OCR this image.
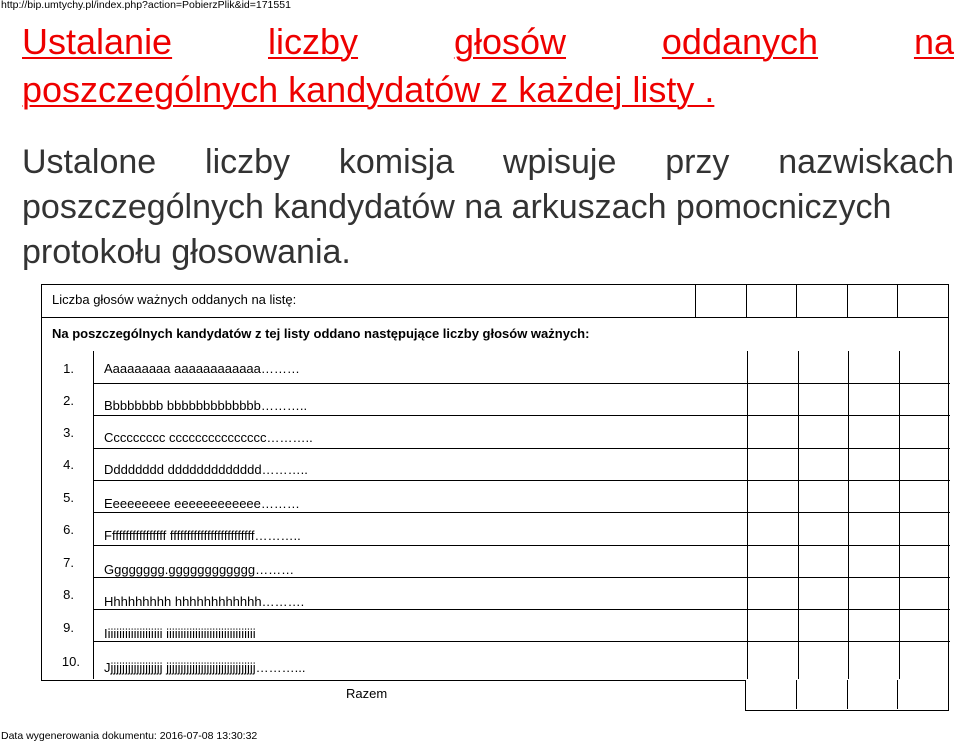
http://bip.umtychy.pl/index.php?action=PobierzPlik&id=171551
Ustalanie	liczby	głosów	oddanych	na
poszczególnych kandydatów z każdej listy .
Ustalone liczby komisja wpisuje przy nazwiskach
poszczególnych kandydatów na arkuszach pomocniczych
protokołu głosowania.
Liczba głosów ważnych oddanych na listę:
Na poszczególnych kandydatów z tej listy oddano następujące liczby głosów ważnych:
1. Aaaaaaaaa aaaaaaaaaaaa………
2. Bbbbbbbb bbbbbbbbbbbbb………..
3. Ccccccccc ccccccccccccccc………..
4. Dddddddd ddddddddddddd………..
5. Eeeeeeeee eeeeeeeeeeee………
6. Fffffffffffffffff fffffffffffffffffffffffff………..
7. Gggggggg.gggggggggggg………
8. Hhhhhhhhh hhhhhhhhhhhh……….
9. Iiiiiiiiiiiiiiiiiiii iiiiiiiiiiiiiiiiiiiiiiiiiiiiiii
10. Jjjjjjjjjjjjjjjjjjj jjjjjjjjjjjjjjjjjjjjjjjjjjjjjjj………...
Razem
Data wygenerowania dokumentu: 2016-07-08 13:30:32
